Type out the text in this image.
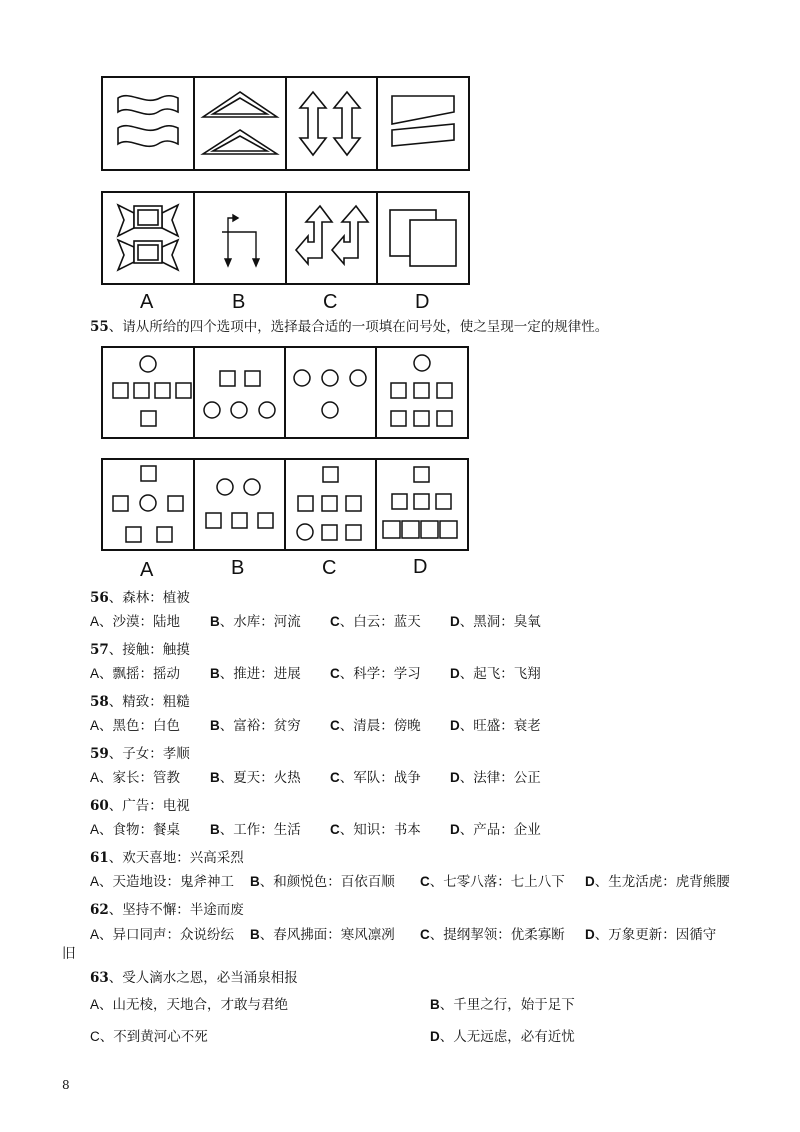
A	B	C	D
55、请从所给的四个选项中，选择最合适的一项填在问号处，使之呈现一定的规律性。
A	B	C	D
56、森林：植被
A、沙漠：陆地 B、水库：河流 C、白云：蓝天 D、黑洞：臭氧
57、接触：触摸
A、飘摇：摇动 B、推进：进展 C、科学：学习 D、起飞：飞翔
58、精致：粗糙
A、黑色：白色 B、富裕：贫穷 C、清晨：傍晚 D、旺盛：衰老
59、子女：孝顺
A、家长：管教 B、夏天：火热 C、军队：战争 D、法律：公正
60、广告：电视
A、食物：餐桌 B、工作：生活 C、知识：书本 D、产品：企业
61、欢天喜地：兴高采烈
A、天造地设：鬼斧神工 B、和颜悦色：百依百顺 C、七零八落：七上八下 D、生龙活虎：虎背熊腰
62、坚持不懈：半途而废
A、异口同声：众说纷纭 B、春风拂面：寒风凛冽 C、提纲挈领：优柔寡断 D、万象更新：因循守
旧
63、受人滴水之恩，必当涌泉相报
A、山无棱，天地合，才敢与君绝	B、千里之行，始于足下
C、不到黄河心不死	D、人无远虑，必有近忧
8
